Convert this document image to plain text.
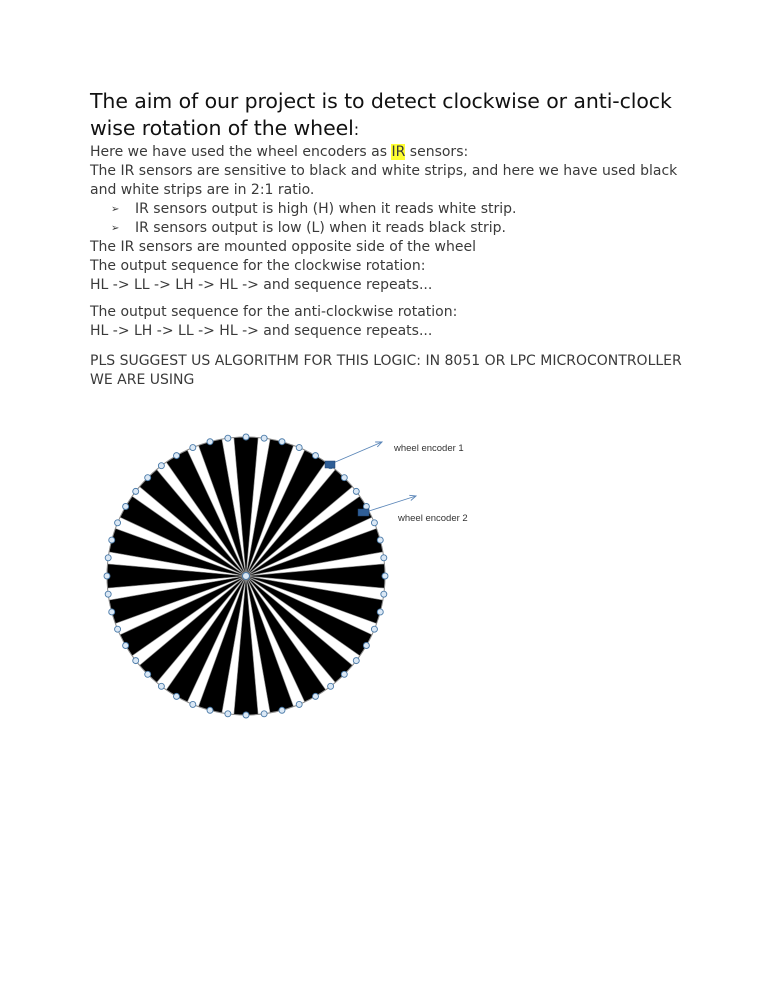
The aim of our project is to detect clockwise or anti-clock
wise rotation of the wheel:

Here we have used the wheel encoders as IR sensors:

The IR sensors are sensitive to black and white strips, and here we have used black
and white strips are in 2:1 ratio.

➢ IR sensors output is high (H) when it reads white strip.
➢ IR sensors output is low (L) when it reads black strip.

The IR sensors are mounted opposite side of the wheel

The output sequence for the clockwise rotation:

HL -> LL -> LH -> HL -> and sequence repeats...

The output sequence for the anti-clockwise rotation:

HL -> LH -> LL -> HL -> and sequence repeats...

PLS SUGGEST US ALGORITHM FOR THIS LOGIC: IN 8051 OR LPC MICROCONTROLLER
WE ARE USING

wheel encoder 1
wheel encoder 2
